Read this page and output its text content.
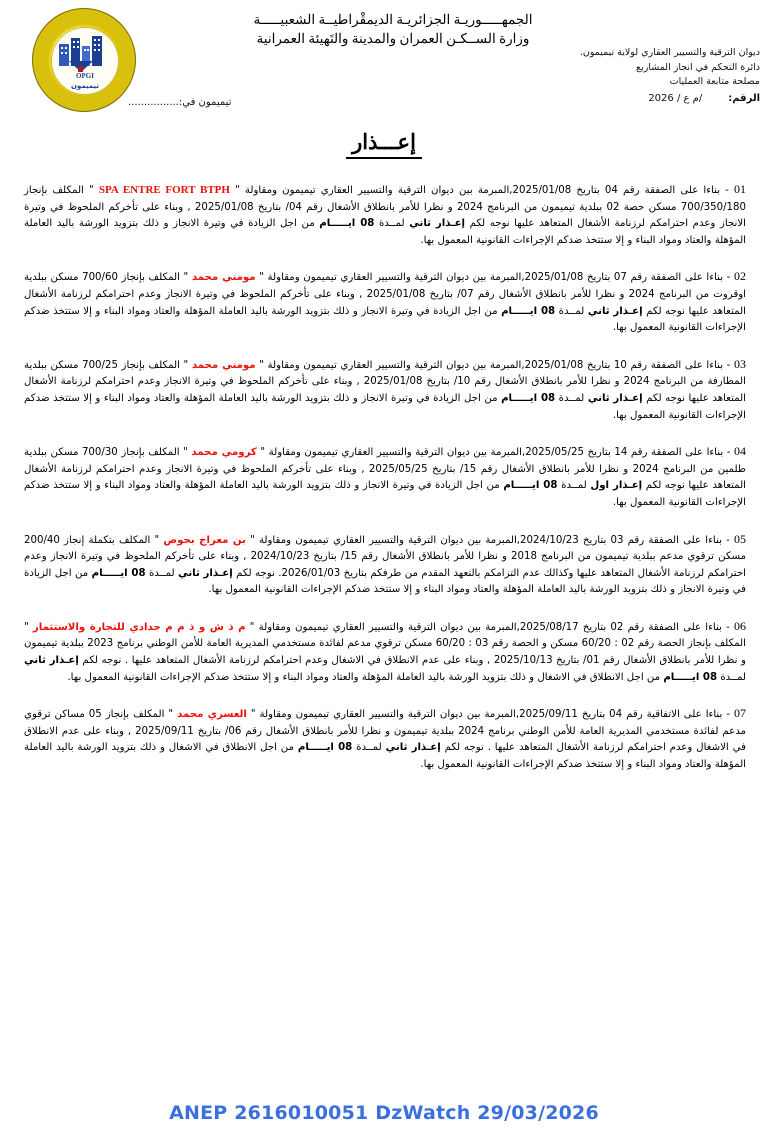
OPGI
تيميمون
الجمهـــــوريـة الجزائريـة الديمقْراطيــة الشعبيـــــة
وزارة الســكـن العمران والمدينة والتَهيئة العمرانية
ديوان الترقية والتسيير العقاري لولاية تيميمون.
دائرة التحكم في انجاز المشاريع
مصلحة متابعة العمليات
الرقم:
/م ع / 2026
تيميمون في:................
إعـــذار

01 - بناءا على الصفقة رقم 04 بتاريخ 2025/01/08,المبرمة بين ديوان الترقية والتسيير العقاري تيميمون ومقاولة " SPA ENTRE FORT BTPH " المكلف بإنجاز 700/350/180 مسكن حصة 02 ببلدية تيميمون من البرنامج 2024 و نظرا للأمر بانطلاق الأشغال رقم 04/ بتاريخ 2025/01/08 , وبناء على تأخركم الملحوظ في وتيرة الانجاز وعدم احترامكم لرزنامة الأشغال المتعاهد عليها نوجه لكم إعـذار ثاني لمــدة 08 ايـــــام من اجل الزيادة في وتيرة الانجاز و ذلك بتزويد الورشة باليد العاملة المؤهلة والعتاد ومواد البناء و إلا ستتخذ ضدكم الإجراءات القانونية المعمول بها.

02 - بناءا على الصفقة رقم 07 بتاريخ 2025/01/08,المبرمة بين ديوان الترقية والتسيير العقاري تيميمون ومقاولة " مومني محمد " المكلف بإنجاز 700/60 مسكن ببلدية اوقروت من البرنامج 2024 و نظرا للأمر بانطلاق الأشغال رقم 07/ بتاريخ 2025/01/08 , وبناء على تأخركم الملحوظ في وتيرة الانجاز وعدم احترامكم لرزنامة الأشغال المتعاهد عليها نوجه لكم إعـذار ثاني لمــدة 08 ايـــــام من اجل الزيادة في وتيرة الانجاز و ذلك بتزويد الورشة باليد العاملة المؤهلة والعتاد ومواد البناء و إلا ستتخذ ضدكم الإجراءات القانونية المعمول بها.

03 - بناءا على الصفقة رقم 10 بتاريخ 2025/01/08,المبرمة بين ديوان الترقية والتسيير العقاري تيميمون ومقاولة " مومني محمد " المكلف بإنجاز 700/25 مسكن ببلدية المطارفة من البرنامج 2024 و نظرا للأمر بانطلاق الأشغال رقم 10/ بتاريخ 2025/01/08 , وبناء على تأخركم الملحوظ في وتيرة الانجاز وعدم احترامكم لرزنامة الأشغال المتعاهد عليها نوجه لكم إعـذار ثاني لمــدة 08 ايـــــام من اجل الزيادة في وتيرة الانجاز و ذلك بتزويد الورشة باليد العاملة المؤهلة والعتاد ومواد البناء و إلا ستتخذ ضدكم الإجراءات القانونية المعمول بها.

04 - بناءا على الصفقة رقم 14 بتاريخ 2025/05/25,المبرمة بين ديوان الترقية والتسيير العقاري تيميمون ومقاولة " كرومي محمد " المكلف بإنجاز 700/30 مسكن ببلدية طلمين من البرنامج 2024 و نظرا للأمر بانطلاق الأشغال رقم 15/ بتاريخ 2025/05/25 , وبناء على تأخركم الملحوظ في وتيرة الانجاز وعدم احترامكم لرزنامة الأشغال المتعاهد عليها نوجه لكم إعـذار اول لمــدة 08 ايـــــام من اجل الزيادة في وتيرة الانجاز و ذلك بتزويد الورشة باليد العاملة المؤهلة والعتاد ومواد البناء و إلا ستتخذ ضدكم الإجراءات القانونية المعمول بها.

05 - بناءا على الصفقة رقم 03 بتاريخ 2024/10/23,المبرمة بين ديوان الترقية والتسيير العقاري تيميمون ومقاولة " بن معراج بحوص " المكلف بتكملة إنجاز 200/40 مسكن ترقوي مدعم ببلدية تيميمون من البرنامج 2018 و نظرا للأمر بانطلاق الأشغال رقم 15/ بتاريخ 2024/10/23 , وبناء على تأخركم الملحوظ في وتيرة الانجاز وعدم احترامكم لرزنامة الأشغال المتعاهد عليها وكذالك عدم التزامكم بالتعهد المقدم من طرفكم بتاريخ 2026/01/03. نوجه لكم إعـذار ثاني لمــدة 08 ايـــــام من اجل الزيادة في وتيرة الانجاز و ذلك بتزويد الورشة باليد العاملة المؤهلة والعتاد ومواد البناء و إلا ستتخذ ضدكم الإجراءات القانونية المعمول بها.

06 - بناءا على الصفقة رقم 02 بتاريخ 2025/08/17,المبرمة بين ديوان الترقية والتسيير العقاري تيميمون ومقاولة " م ذ ش و ذ م م حدادي للتجارة والاستثمار " المكلف بإنجاز الحصة رقم 02 : 60/20 مسكن و الحصة رقم 03 : 60/20 مسكن ترقوي مدعم لفائدة مستخدمي المديرية العامة للأمن الوطني برنامج 2023 ببلدية تيميمون و نظرا للأمر بانطلاق الأشغال رقم 01/ بتاريخ 2025/10/13 , وبناء على عدم الانطلاق في الاشغال وعدم احترامكم لرزنامة الأشغال المتعاهد عليها . نوجه لكم إعـذار ثاني لمــدة 08 ايـــــام من اجل الانطلاق في الاشغال و ذلك بتزويد الورشة باليد العاملة المؤهلة والعتاد ومواد البناء و إلا ستتخذ ضدكم الإجراءات القانونية المعمول بها.

07 - بناءا على الاتفاقية رقم 04 بتاريخ 2025/09/11,المبرمة بين ديوان الترقية والتسيير العقاري تيميمون ومقاولة " العسري محمد " المكلف بإنجاز 05 مساكن ترقوي مدعم لفائدة مستخدمي المديرية العامة للأمن الوطني برنامج 2024 ببلدية تيميمون و نظرا للأمر بانطلاق الأشغال رقم 06/ بتاريخ 2025/09/11 , وبناء على عدم الانطلاق في الاشغال وعدم احترامكم لرزنامة الأشغال المتعاهد عليها . نوجه لكم إعـذار ثاني لمــدة 08 ايـــــام من اجل الانطلاق في الاشغال و ذلك بتزويد الورشة باليد العاملة المؤهلة والعتاد ومواد البناء و إلا ستتخذ ضدكم الإجراءات القانونية المعمول بها.

ANEP 2616010051 DzWatch 29/03/2026
